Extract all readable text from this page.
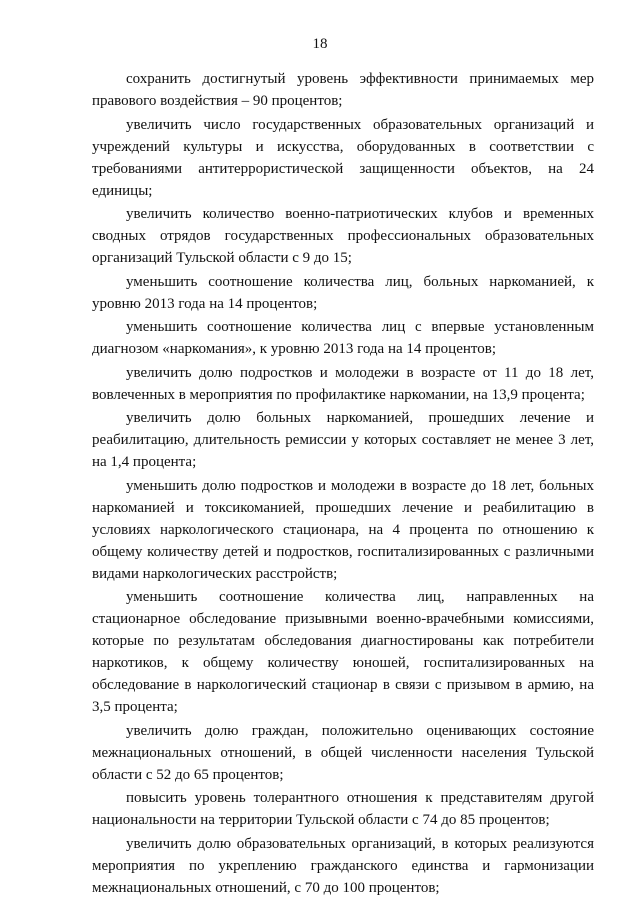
18

сохранить достигнутый уровень эффективности принимаемых мер правового воздействия – 90 процентов;

увеличить число государственных образовательных организаций и учреждений культуры и искусства, оборудованных в соответствии с требованиями антитеррористической защищенности объектов, на 24 единицы;

увеличить количество военно-патриотических клубов и временных сводных отрядов государственных профессиональных образовательных организаций Тульской области с 9 до 15;

уменьшить соотношение количества лиц, больных наркоманией, к уровню 2013 года на 14 процентов;

уменьшить соотношение количества лиц с впервые установленным диагнозом «наркомания», к уровню 2013 года на 14 процентов;

увеличить долю подростков и молодежи в возрасте от 11 до 18 лет, вовлеченных в мероприятия по профилактике наркомании, на 13,9 процента;

увеличить долю больных наркоманией, прошедших лечение и реабилитацию, длительность ремиссии у которых составляет не менее 3 лет, на 1,4 процента;

уменьшить долю подростков и молодежи в возрасте до 18 лет, больных наркоманией и токсикоманией, прошедших лечение и реабилитацию в условиях наркологического стационара, на 4 процента по отношению к общему количеству детей и подростков, госпитализированных с различными видами наркологических расстройств;

уменьшить соотношение количества лиц, направленных на стационарное обследование призывными военно-врачебными комиссиями, которые по результатам обследования диагностированы как потребители наркотиков, к общему количеству юношей, госпитализированных на обследование в наркологический стационар в связи с призывом в армию, на 3,5 процента;

увеличить долю граждан, положительно оценивающих состояние межнациональных отношений, в общей численности населения Тульской области с 52 до 65 процентов;

повысить уровень толерантного отношения к представителям другой национальности на территории Тульской области с 74 до 85 процентов;

увеличить долю образовательных организаций, в которых реализуются мероприятия по укреплению гражданского единства и гармонизации межнациональных отношений, с 70 до 100 процентов;
